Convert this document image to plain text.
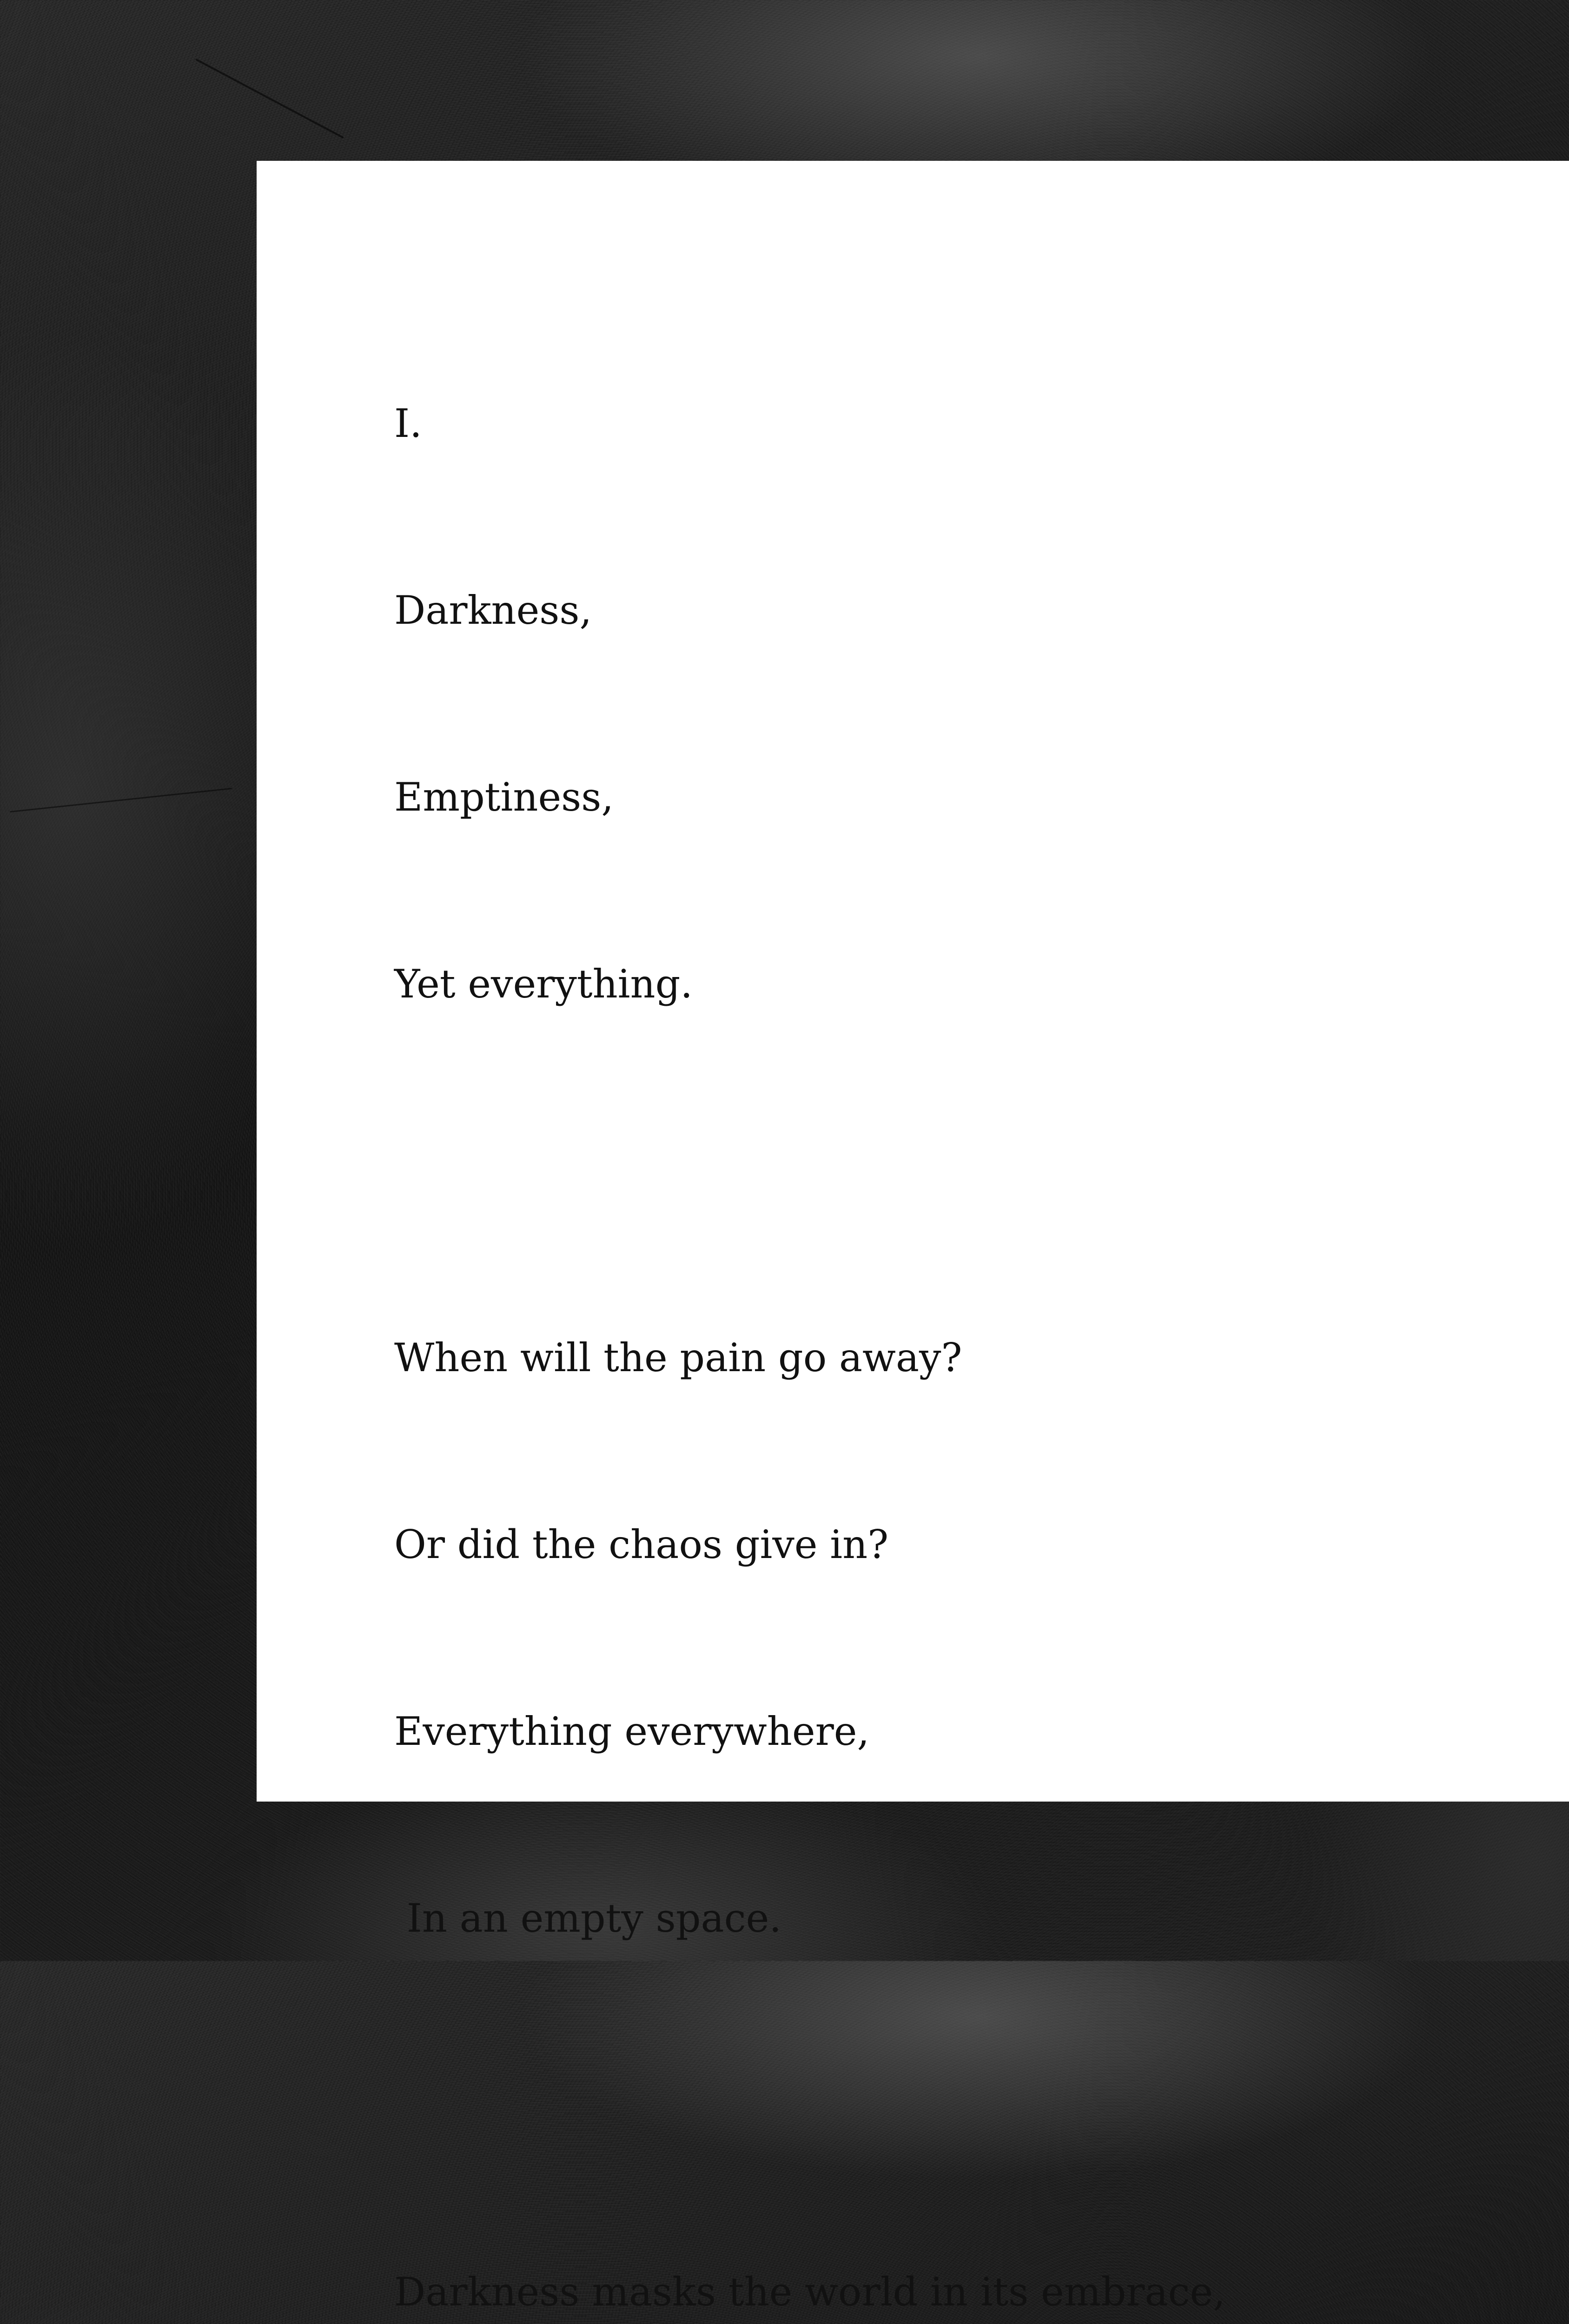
I.

Darkness,

Emptiness,

Yet everything.

When will the pain go away?

Or did the chaos give in?

Everything everywhere,

In an empty space.

Darkness masks the world in its embrace,
